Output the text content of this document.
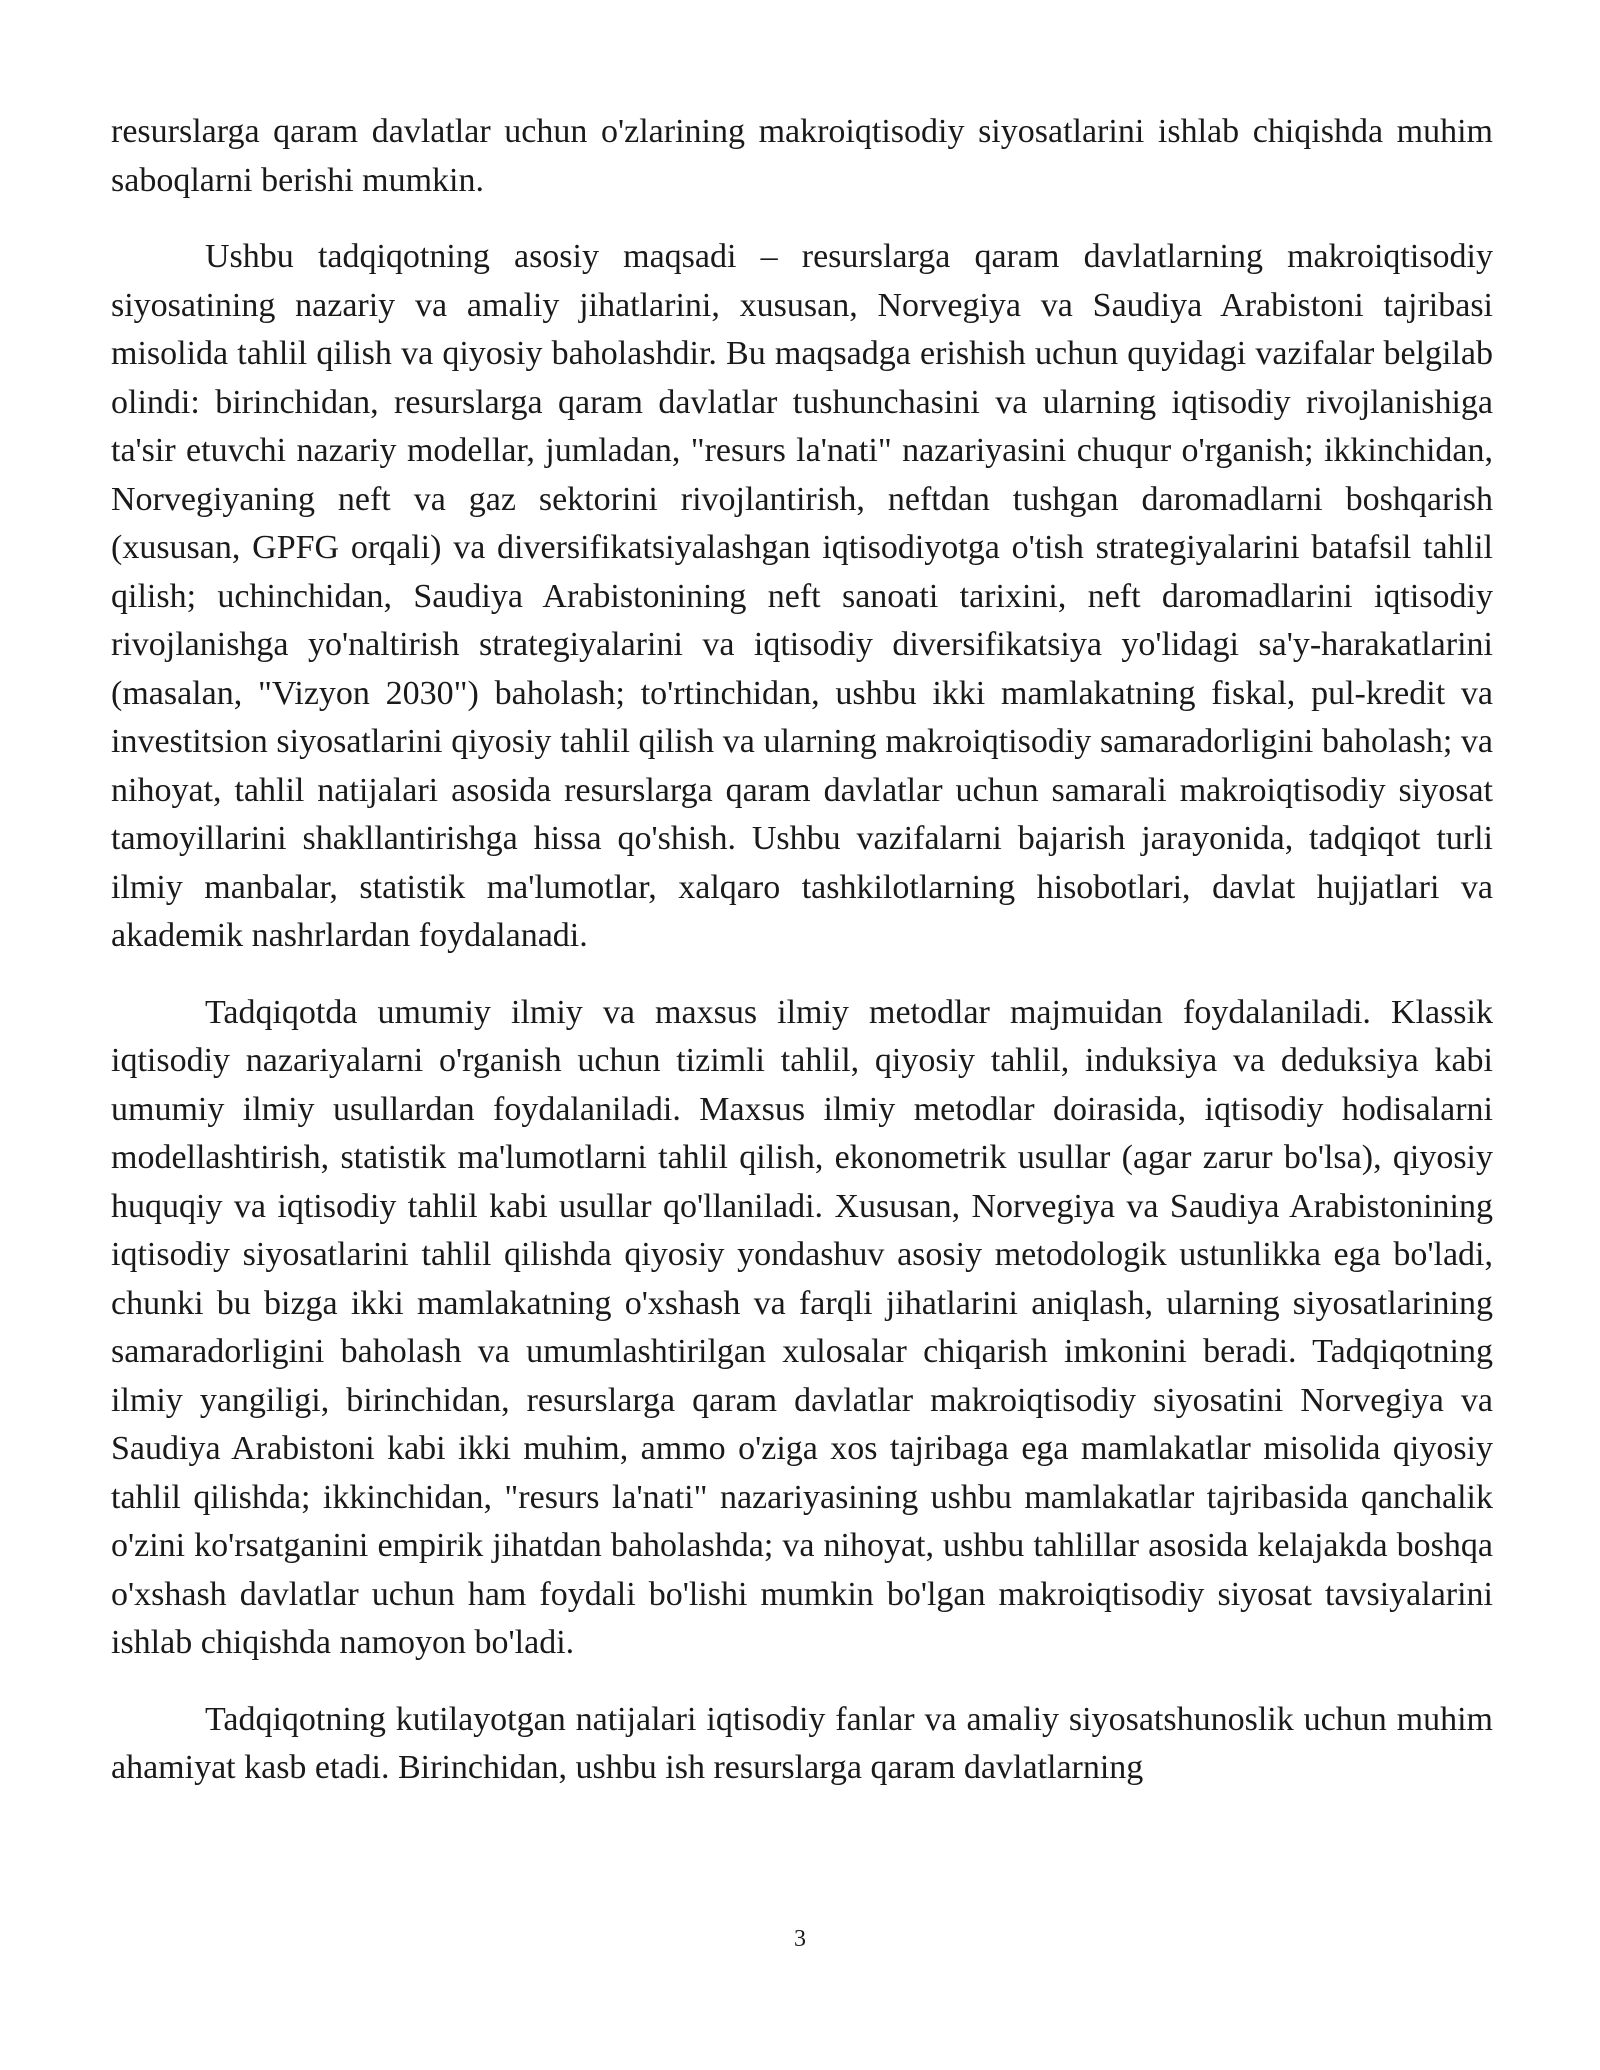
resurslarga qaram davlatlar uchun o'zlarining makroiqtisodiy siyosatlarini ishlab chiqishda muhim saboqlarni berishi mumkin.

Ushbu tadqiqotning asosiy maqsadi – resurslarga qaram davlatlarning makroiqtisodiy siyosatining nazariy va amaliy jihatlarini, xususan, Norvegiya va Saudiya Arabistoni tajribasi misolida tahlil qilish va qiyosiy baholashdir. Bu maqsadga erishish uchun quyidagi vazifalar belgilab olindi: birinchidan, resurslarga qaram davlatlar tushunchasini va ularning iqtisodiy rivojlanishiga ta'sir etuvchi nazariy modellar, jumladan, "resurs la'nati" nazariyasini chuqur o'rganish; ikkinchidan, Norvegiyaning neft va gaz sektorini rivojlantirish, neftdan tushgan daromadlarni boshqarish (xususan, GPFG orqali) va diversifikatsiyalashgan iqtisodiyotga o'tish strategiyalarini batafsil tahlil qilish; uchinchidan, Saudiya Arabistonining neft sanoati tarixini, neft daromadlarini iqtisodiy rivojlanishga yo'naltirish strategiyalarini va iqtisodiy diversifikatsiya yo'lidagi sa'y-harakatlarini (masalan, "Vizyon 2030") baholash; to'rtinchidan, ushbu ikki mamlakatning fiskal, pul-kredit va investitsion siyosatlarini qiyosiy tahlil qilish va ularning makroiqtisodiy samaradorligini baholash; va nihoyat, tahlil natijalari asosida resurslarga qaram davlatlar uchun samarali makroiqtisodiy siyosat tamoyillarini shakllantirishga hissa qo'shish. Ushbu vazifalarni bajarish jarayonida, tadqiqot turli ilmiy manbalar, statistik ma'lumotlar, xalqaro tashkilotlarning hisobotlari, davlat hujjatlari va akademik nashrlardan foydalanadi.

Tadqiqotda umumiy ilmiy va maxsus ilmiy metodlar majmuidan foydalaniladi. Klassik iqtisodiy nazariyalarni o'rganish uchun tizimli tahlil, qiyosiy tahlil, induksiya va deduksiya kabi umumiy ilmiy usullardan foydalaniladi. Maxsus ilmiy metodlar doirasida, iqtisodiy hodisalarni modellashtirish, statistik ma'lumotlarni tahlil qilish, ekonometrik usullar (agar zarur bo'lsa), qiyosiy huquqiy va iqtisodiy tahlil kabi usullar qo'llaniladi. Xususan, Norvegiya va Saudiya Arabistonining iqtisodiy siyosatlarini tahlil qilishda qiyosiy yondashuv asosiy metodologik ustunlikka ega bo'ladi, chunki bu bizga ikki mamlakatning o'xshash va farqli jihatlarini aniqlash, ularning siyosatlarining samaradorligini baholash va umumlashtirilgan xulosalar chiqarish imkonini beradi. Tadqiqotning ilmiy yangiligi, birinchidan, resurslarga qaram davlatlar makroiqtisodiy siyosatini Norvegiya va Saudiya Arabistoni kabi ikki muhim, ammo o'ziga xos tajribaga ega mamlakatlar misolida qiyosiy tahlil qilishda; ikkinchidan, "resurs la'nati" nazariyasining ushbu mamlakatlar tajribasida qanchalik o'zini ko'rsatganini empirik jihatdan baholashda; va nihoyat, ushbu tahlillar asosida kelajakda boshqa o'xshash davlatlar uchun ham foydali bo'lishi mumkin bo'lgan makroiqtisodiy siyosat tavsiyalarini ishlab chiqishda namoyon bo'ladi.

Tadqiqotning kutilayotgan natijalari iqtisodiy fanlar va amaliy siyosatshunoslik uchun muhim ahamiyat kasb etadi. Birinchidan, ushbu ish resurslarga qaram davlatlarning

3
